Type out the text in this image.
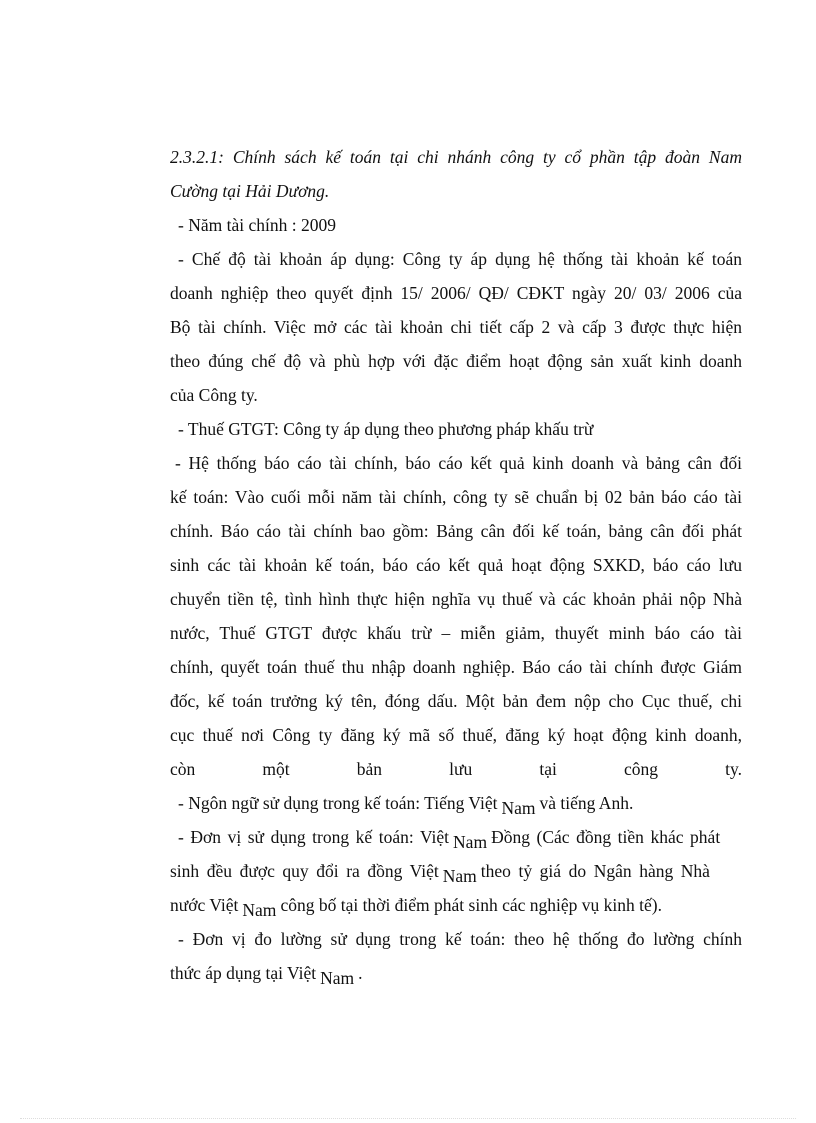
2.3.2.1: Chính sách kế toán tại chi nhánh công ty cổ phần tập đoàn Nam
Cường tại Hải Dương.
- Năm tài chính : 2009
- Chế độ tài khoản áp dụng: Công ty áp dụng hệ thống tài khoản kế toán
doanh nghiệp theo quyết định 15/ 2006/ QĐ/ CĐKT ngày 20/ 03/ 2006 của
Bộ tài chính. Việc mở các tài khoản chi tiết cấp 2 và cấp 3 được thực hiện
theo đúng chế độ và phù hợp với đặc điểm hoạt động sản xuất kinh doanh
của Công ty.
- Thuế GTGT: Công ty áp dụng theo phương pháp khấu trừ
- Hệ thống báo cáo tài chính, báo cáo kết quả kinh doanh và bảng cân đối
kế toán: Vào cuối mỗi năm tài chính, công ty sẽ chuẩn bị 02 bản báo cáo tài
chính. Báo cáo tài chính bao gồm: Bảng cân đối kế toán, bảng cân đối phát
sinh các tài khoản kế toán, báo cáo kết quả hoạt động SXKD, báo cáo lưu
chuyển tiền tệ, tình hình thực hiện nghĩa vụ thuế và các khoản phải nộp Nhà
nước, Thuế GTGT được khấu trừ – miễn giảm, thuyết minh báo cáo tài
chính, quyết toán thuế thu nhập doanh nghiệp. Báo cáo tài chính được Giám
đốc, kế toán trưởng ký tên, đóng dấu. Một bản đem nộp cho Cục thuế, chi
cục thuế nơi Công ty đăng ký mã số thuế, đăng ký hoạt động kinh doanh,
còn một bản lưu tại công ty.
- Ngôn ngữ sử dụng trong kế toán: Tiếng Việt Nam và tiếng Anh.
- Đơn vị sử dụng trong kế toán: Việt Nam Đồng (Các đồng tiền khác phát
sinh đều được quy đổi ra đồng Việt Nam theo tỷ giá do Ngân hàng Nhà
nước Việt Nam công bố tại thời điểm phát sinh các nghiệp vụ kinh tế).
- Đơn vị đo lường sử dụng trong kế toán: theo hệ thống đo lường chính
thức áp dụng tại Việt Nam .
